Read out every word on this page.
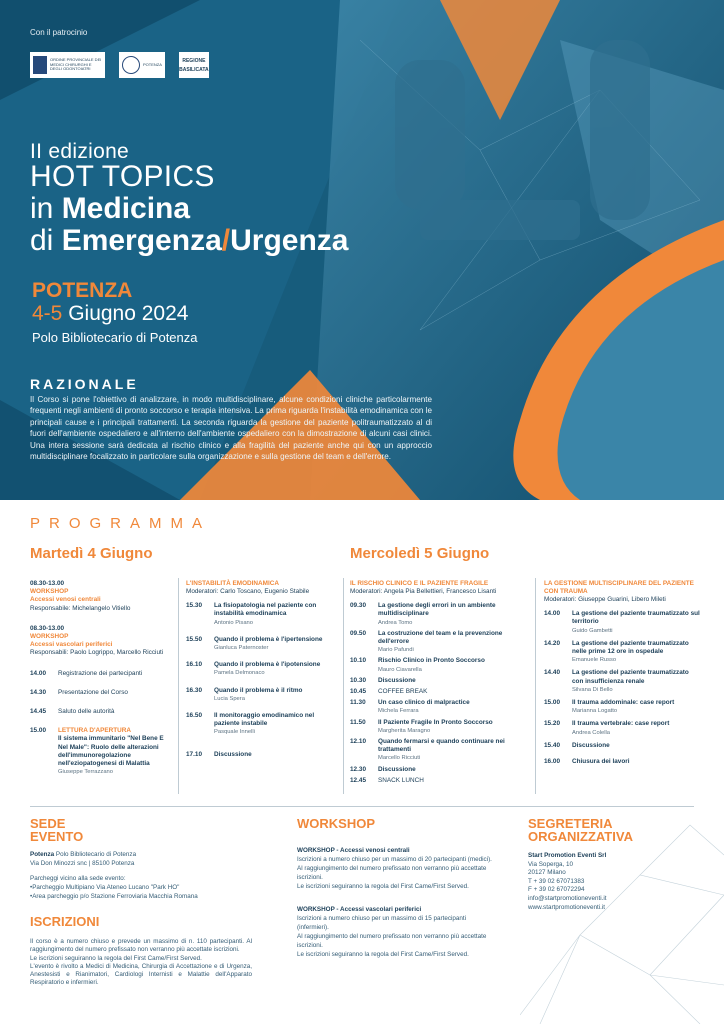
Con il patrocinio
ORDINE PROVINCIALE DEI MEDICI CHIRURGHI E DEGLI ODONTOIATRI
POTENZA
REGIONE
BASILICATA
II edizione
HOT TOPICS
in Medicina
di Emergenza/Urgenza
POTENZA
4-5 Giugno 2024
Polo Bibliotecario di Potenza
RAZIONALE
Il Corso si pone l'obiettivo di analizzare, in modo multidisciplinare, alcune condizioni cliniche particolarmente frequenti negli ambienti di pronto soccorso e terapia intensiva. La prima riguarda l'instabilità emodinamica con le principali cause e i principali trattamenti. La seconda riguarda la gestione del paziente politraumatizzato al di fuori dell'ambiente ospedaliero e all'interno dell'ambiente ospedaliero con la dimostrazione di alcuni casi clinici. Una intera sessione sarà dedicata al rischio clinico e alla fragilità del paziente anche qui con un approccio multidisciplinare focalizzato in particolare sulla organizzazione e sulla gestione del team e dell'errore.
PROGRAMMA
Martedì 4 Giugno	Mercoledì 5 Giugno
08.30-13.00
WORKSHOP
Accessi venosi centrali
Responsabile: Michelangelo Vitiello
08.30-13.00
WORKSHOP
Accessi vascolari periferici
Responsabili: Paolo Logrippo, Marcello Ricciuti
14.00	Registrazione dei partecipanti
14.30	Presentazione del Corso
14.45	Saluto delle autorità
15.00	LETTURA D'APERTURA
Il sistema immunitario "Nel Bene E Nel Male": Ruolo delle alterazioni dell'immunoregolazione nell'eziopatogenesi di Malattia
Giuseppe Terrazzano
L'INSTABILITÀ EMODINAMICA
Moderatori: Carlo Toscano, Eugenio Stabile
15.30	La fisiopatologia nel paziente con instabilità emodinamica
Antonio Pisano
15.50	Quando il problema è l'ipertensione
Gianluca Paternoster
16.10	Quando il problema è l'ipotensione
Pamela Delmonaco
16.30	Quando il problema è il ritmo
Lucia Spera
16.50	Il monitoraggio emodinamico nel paziente instabile
Pasquale Innelli
17.10	Discussione
IL RISCHIO CLINICO E IL PAZIENTE FRAGILE
Moderatori: Angela Pia Bellettieri, Francesco Lisanti
09.30	La gestione degli errori in un ambiente multidisciplinare
Andrea Tomo
09.50	La costruzione del team e la prevenzione dell'errore
Mario Pafundi
10.10	Rischio Clinico in Pronto Soccorso
Mauro Ciavarella
10.30	Discussione
10.45	COFFEE BREAK
11.30	Un caso clinico di malpractice
Michela Ferrara
11.50	Il Paziente Fragile In Pronto Soccorso
Margherita Maragno
12.10	Quando fermarsi e quando continuare nei trattamenti
Marcello Ricciuti
12.30	Discussione
12.45	SNACK LUNCH
LA GESTIONE MULTISCIPLINARE DEL PAZIENTE CON TRAUMA
Moderatori: Giuseppe Guarini, Libero Mileti
14.00	La gestione del paziente traumatizzato sul territorio
Guido Gambetti
14.20	La gestione del paziente traumatizzato nelle prime 12 ore in ospedale
Emanuele Russo
14.40	La gestione del paziente traumatizzato con insufficienza renale
Silvana Di Bello
15.00	Il trauma addominale: case report
Marianna Logatto
15.20	Il trauma vertebrale: case report
Andrea Colella
15.40	Discussione
16.00	Chiusura dei lavori
SEDE
EVENTO
Potenza Polo Bibliotecario di Potenza
Via Don Minozzi snc | 85100 Potenza
Parcheggi vicino alla sede evento:
•Parcheggio Multipiano Via Ateneo Lucano "Park HO"
•Area parcheggio p/o Stazione Ferroviaria Macchia Romana
ISCRIZIONI
Il corso è a numero chiuso e prevede un massimo di n. 110 partecipanti. Al raggiungimento del numero prefissato non verranno più accettate iscrizioni.
Le iscrizioni seguiranno la regola del First Came/First Served.
L'evento è rivolto a Medici di Medicina, Chirurgia di Accettazione e di Urgenza, Anestesisti e Rianimatori, Cardiologi Internisti e Malattie dell'Apparato Respiratorio e infermieri.
WORKSHOP
WORKSHOP - Accessi venosi centrali
Iscrizioni a numero chiuso per un massimo di 20 partecipanti (medici).
Al raggiungimento del numero prefissato non verranno più accettate iscrizioni.
Le iscrizioni seguiranno la regola del First Came/First Served.
WORKSHOP - Accessi vascolari periferici
Iscrizioni a numero chiuso per un massimo di 15 partecipanti (infermieri).
Al raggiungimento del numero prefissato non verranno più accettate iscrizioni.
Le iscrizioni seguiranno la regola del First Came/First Served.
SEGRETERIA
ORGANIZZATIVA
Start Promotion Eventi Srl
Via Soperga, 10
20127 Milano
T + 39 02 67071383
F + 39 02 67072294
info@startpromotioneventi.it
www.startpromotioneventi.it
